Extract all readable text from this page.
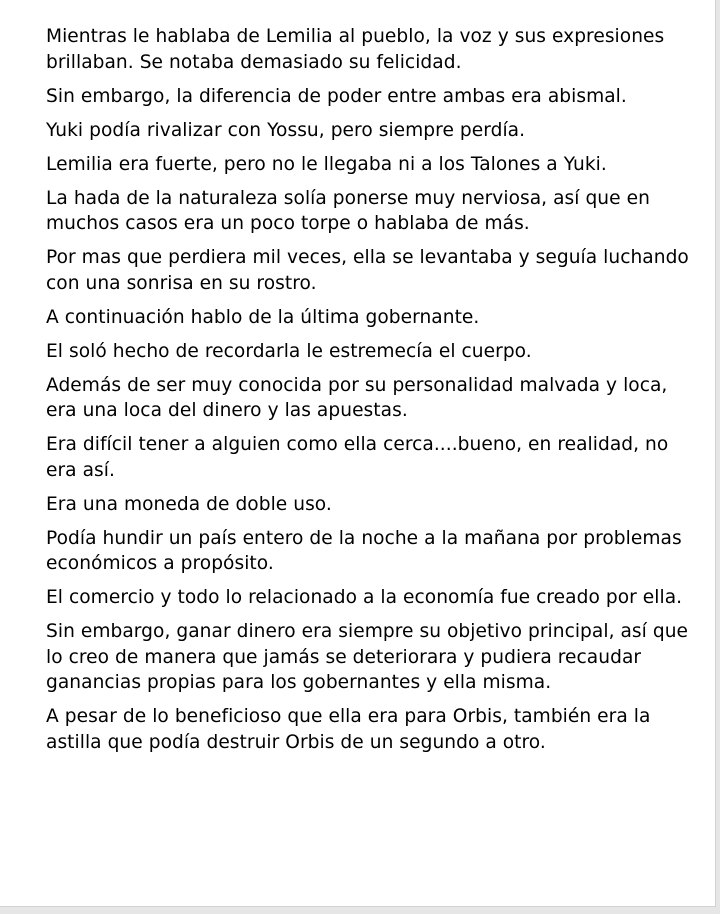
Mientras le hablaba de Lemilia al pueblo, la voz y sus expresiones brillaban. Se notaba demasiado su felicidad.

Sin embargo, la diferencia de poder entre ambas era abismal.

Yuki podía rivalizar con Yossu, pero siempre perdía.

Lemilia era fuerte, pero no le llegaba ni a los Talones a Yuki.

La hada de la naturaleza solía ponerse muy nerviosa, así que en muchos casos era un poco torpe o hablaba de más.

Por mas que perdiera mil veces, ella se levantaba y seguía luchando con una sonrisa en su rostro.

A continuación hablo de la última gobernante.

El soló hecho de recordarla le estremecía el cuerpo.

Además de ser muy conocida por su personalidad malvada y loca, era una loca del dinero y las apuestas.

Era difícil tener a alguien como ella cerca....bueno, en realidad, no era así.

Era una moneda de doble uso.

Podía hundir un país entero de la noche a la mañana por problemas económicos a propósito.

El comercio y todo lo relacionado a la economía fue creado por ella.

Sin embargo, ganar dinero era siempre su objetivo principal, así que lo creo de manera que jamás se deteriorara y pudiera recaudar ganancias propias para los gobernantes y ella misma.

A pesar de lo beneficioso que ella era para Orbis, también era la astilla que podía destruir Orbis de un segundo a otro.
